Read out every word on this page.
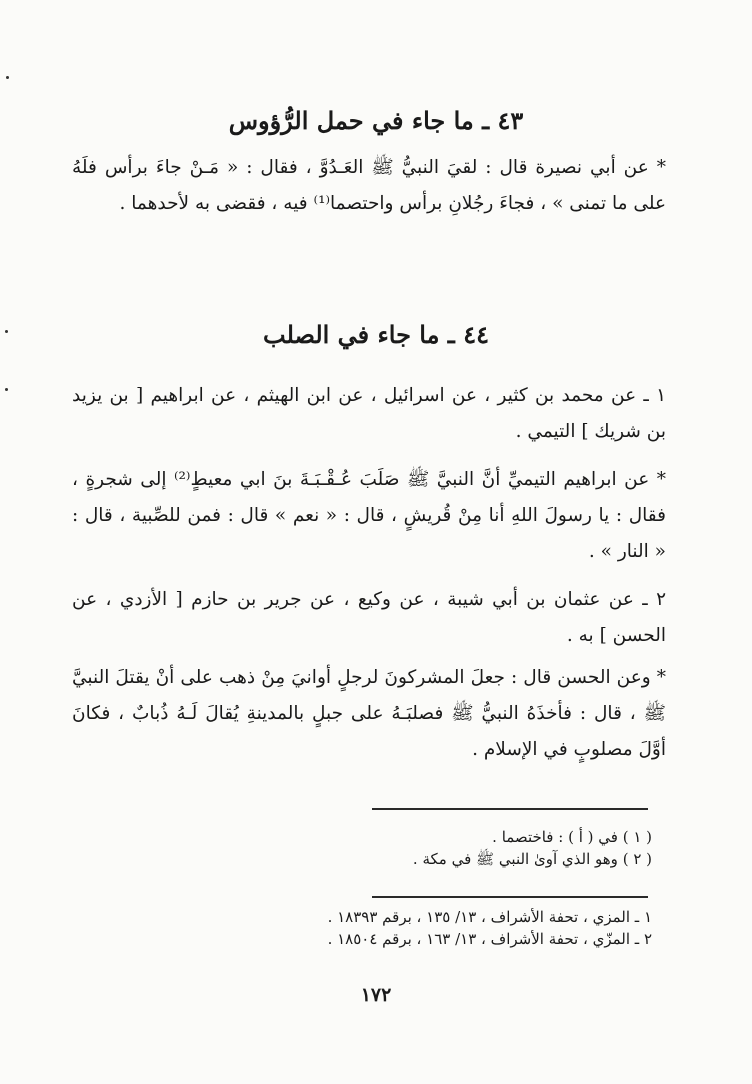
٤٣ ـ ما جاء في حمل الرُّؤوس

* عن أبي نصيرة قال : لقيَ النبيُّ ﷺ العَـدُوَّ ، فقال : « مَـنْ جاءَ برأس فلَهُ على ما تمنى » ، فجاءَ رجُلانِ برأس واحتصما⁽¹⁾ فيه ، فقضى به لأحدهما .

٤٤ ـ ما جاء في الصلب

١ ـ عن محمد بن كثير ، عن اسرائيل ، عن ابن الهيثم ، عن ابراهيم [ بن يزيد بن شريك ] التيمي .

* عن ابراهيم التيميِّ أنَّ النبيَّ ﷺ صَلَبَ عُـقْـبَـةَ بنَ ابي معيطٍ⁽²⁾ إلى شجرةٍ ، فقال : يا رسولَ اللهِ أنا مِنْ قُريشٍ ، قال : « نعم » قال : فمن للصِّبية ، قال : « النار » .

٢ ـ عن عثمان بن أبي شيبة ، عن وكيع ، عن جرير بن حازم [ الأزدي ، عن الحسن ] به .

* وعن الحسن قال : جعلَ المشركونَ لرجلٍ أوانيَ مِنْ ذهب على أنْ يقتلَ النبيَّ ﷺ ، قال : فأخذَهُ النبيُّ ﷺ فصلبَـهُ على جبلٍ بالمدينةِ يُقالَ لَـهُ ذُبابٌ ، فكانَ أوَّلَ مصلوبٍ في الإسلام .

( ١ ) في ( أ ) : فاختصما .
( ٢ ) وهو الذي آوىٰ النبي ﷺ في مكة .
١ ـ المزي ، تحفة الأشراف ، ١٣/ ١٣٥ ، برقم ١٨٣٩٣ .
٢ ـ المزّي ، تحفة الأشراف ، ١٣/ ١٦٣ ، برقم ١٨٥٠٤ .
١٧٢
